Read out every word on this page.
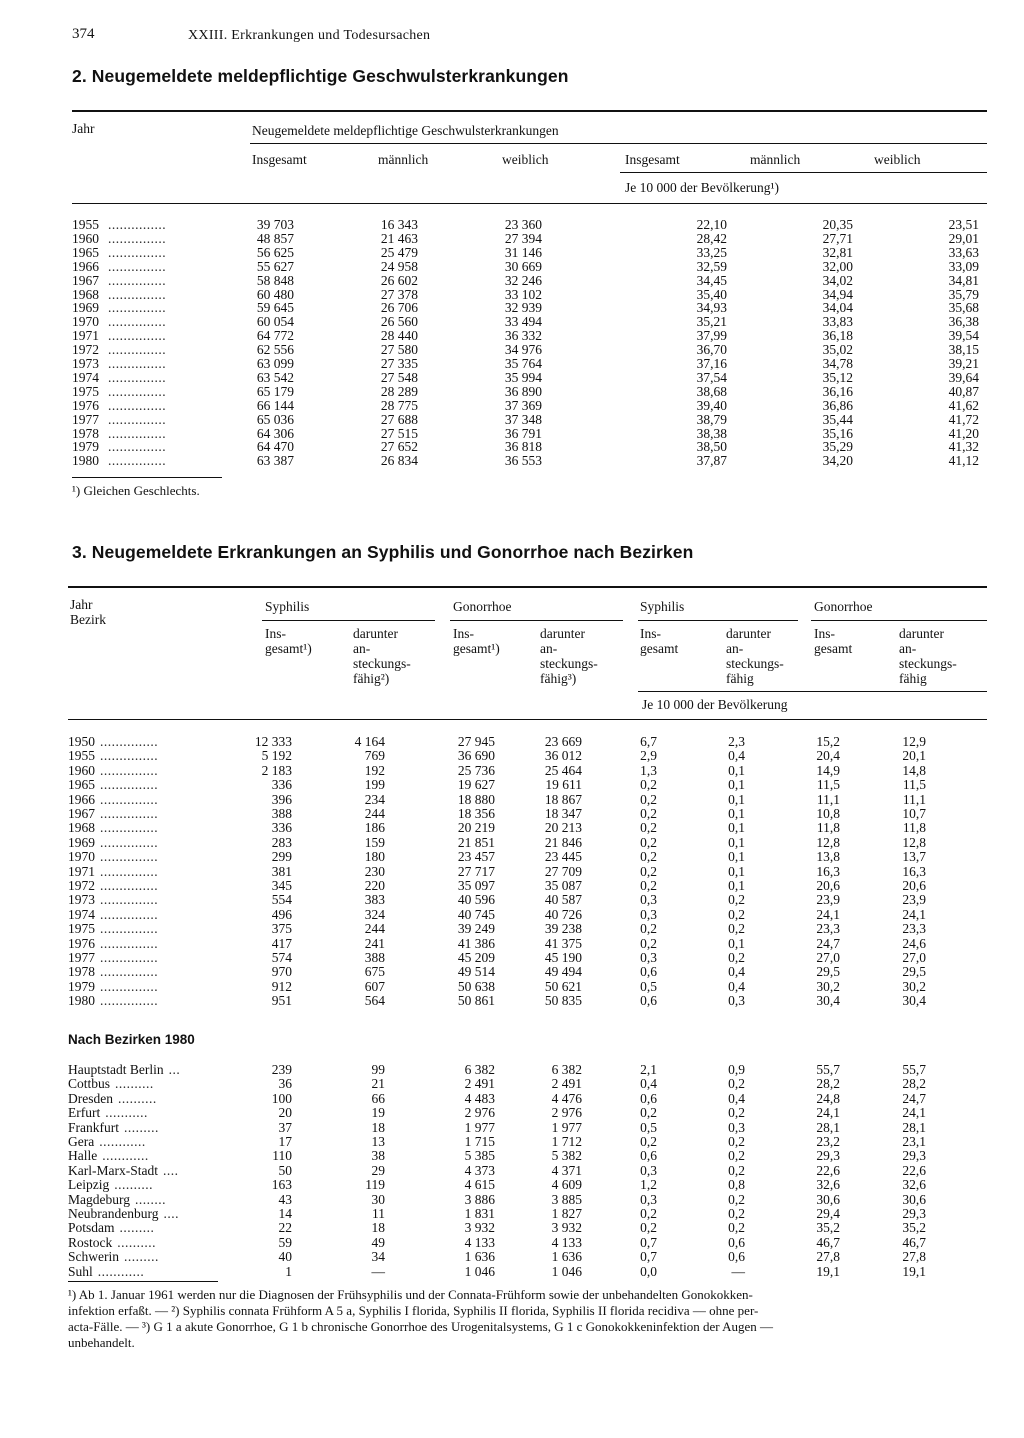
374	XXIII. Erkrankungen und Todesursachen
2. Neugemeldete meldepflichtige Geschwulsterkrankungen
Jahr	Neugemeldete meldepflichtige Geschwulsterkrankungen
Insgesamt	männlich	weiblich	Insgesamt	männlich	weiblich
Je 10 000 der Bevölkerung¹)
1955 ...............	39 703	16 343	23 360	22,10	20,35	23,51
1960 ...............	48 857	21 463	27 394	28,42	27,71	29,01
1965 ...............	56 625	25 479	31 146	33,25	32,81	33,63
1966 ...............	55 627	24 958	30 669	32,59	32,00	33,09
1967 ...............	58 848	26 602	32 246	34,45	34,02	34,81
1968 ...............	60 480	27 378	33 102	35,40	34,94	35,79
1969 ...............	59 645	26 706	32 939	34,93	34,04	35,68
1970 ...............	60 054	26 560	33 494	35,21	33,83	36,38
1971 ...............	64 772	28 440	36 332	37,99	36,18	39,54
1972 ...............	62 556	27 580	34 976	36,70	35,02	38,15
1973 ...............	63 099	27 335	35 764	37,16	34,78	39,21
1974 ...............	63 542	27 548	35 994	37,54	35,12	39,64
1975 ...............	65 179	28 289	36 890	38,68	36,16	40,87
1976 ...............	66 144	28 775	37 369	39,40	36,86	41,62
1977 ...............	65 036	27 688	37 348	38,79	35,44	41,72
1978 ...............	64 306	27 515	36 791	38,38	35,16	41,20
1979 ...............	64 470	27 652	36 818	38,50	35,29	41,32
1980 ...............	63 387	26 834	36 553	37,87	34,20	41,12
¹) Gleichen Geschlechts.
3. Neugemeldete Erkrankungen an Syphilis und Gonorrhoe nach Bezirken
Jahr
Bezirk
Syphilis	Gonorrhoe	Syphilis	Gonorrhoe
Ins-
gesamt¹)
darunter
an-
steckungs-
fähig²)
Ins-
gesamt¹)
darunter
an-
steckungs-
fähig³)
Ins-
gesamt
darunter
an-
steckungs-
fähig
Ins-
gesamt
darunter
an-
steckungs-
fähig
Je 10 000 der Bevölkerung
1950 ...............	12 333	4 164	27 945	23 669	6,7	2,3	15,2	12,9
1955 ...............	5 192	769	36 690	36 012	2,9	0,4	20,4	20,1
1960 ...............	2 183	192	25 736	25 464	1,3	0,1	14,9	14,8
1965 ...............	336	199	19 627	19 611	0,2	0,1	11,5	11,5
1966 ...............	396	234	18 880	18 867	0,2	0,1	11,1	11,1
1967 ...............	388	244	18 356	18 347	0,2	0,1	10,8	10,7
1968 ...............	336	186	20 219	20 213	0,2	0,1	11,8	11,8
1969 ...............	283	159	21 851	21 846	0,2	0,1	12,8	12,8
1970 ...............	299	180	23 457	23 445	0,2	0,1	13,8	13,7
1971 ...............	381	230	27 717	27 709	0,2	0,1	16,3	16,3
1972 ...............	345	220	35 097	35 087	0,2	0,1	20,6	20,6
1973 ...............	554	383	40 596	40 587	0,3	0,2	23,9	23,9
1974 ...............	496	324	40 745	40 726	0,3	0,2	24,1	24,1
1975 ...............	375	244	39 249	39 238	0,2	0,2	23,3	23,3
1976 ...............	417	241	41 386	41 375	0,2	0,1	24,7	24,6
1977 ...............	574	388	45 209	45 190	0,3	0,2	27,0	27,0
1978 ...............	970	675	49 514	49 494	0,6	0,4	29,5	29,5
1979 ...............	912	607	50 638	50 621	0,5	0,4	30,2	30,2
1980 ...............	951	564	50 861	50 835	0,6	0,3	30,4	30,4
Nach Bezirken 1980
Hauptstadt Berlin ...	239	99	6 382	6 382	2,1	0,9	55,7	55,7
Cottbus ..........	36	21	2 491	2 491	0,4	0,2	28,2	28,2
Dresden ..........	100	66	4 483	4 476	0,6	0,4	24,8	24,7
Erfurt ...........	20	19	2 976	2 976	0,2	0,2	24,1	24,1
Frankfurt .........	37	18	1 977	1 977	0,5	0,3	28,1	28,1
Gera ............	17	13	1 715	1 712	0,2	0,2	23,2	23,1
Halle ............	110	38	5 385	5 382	0,6	0,2	29,3	29,3
Karl-Marx-Stadt ....	50	29	4 373	4 371	0,3	0,2	22,6	22,6
Leipzig ..........	163	119	4 615	4 609	1,2	0,8	32,6	32,6
Magdeburg ........	43	30	3 886	3 885	0,3	0,2	30,6	30,6
Neubrandenburg ....	14	11	1 831	1 827	0,2	0,2	29,4	29,3
Potsdam .........	22	18	3 932	3 932	0,2	0,2	35,2	35,2
Rostock ..........	59	49	4 133	4 133	0,7	0,6	46,7	46,7
Schwerin .........	40	34	1 636	1 636	0,7	0,6	27,8	27,8
Suhl ............	1	—	1 046	1 046	0,0	—	19,1	19,1
¹) Ab 1. Januar 1961 werden nur die Diagnosen der Frühsyphilis und der Connata-Frühform sowie der unbehandelten Gonokokken-
infektion erfaßt. — ²) Syphilis connata Frühform A 5 a, Syphilis I florida, Syphilis II florida, Syphilis II florida recidiva — ohne per-
acta-Fälle. — ³) G 1 a akute Gonorrhoe, G 1 b chronische Gonorrhoe des Urogenitalsystems, G 1 c Gonokokkeninfektion der Augen —
unbehandelt.
